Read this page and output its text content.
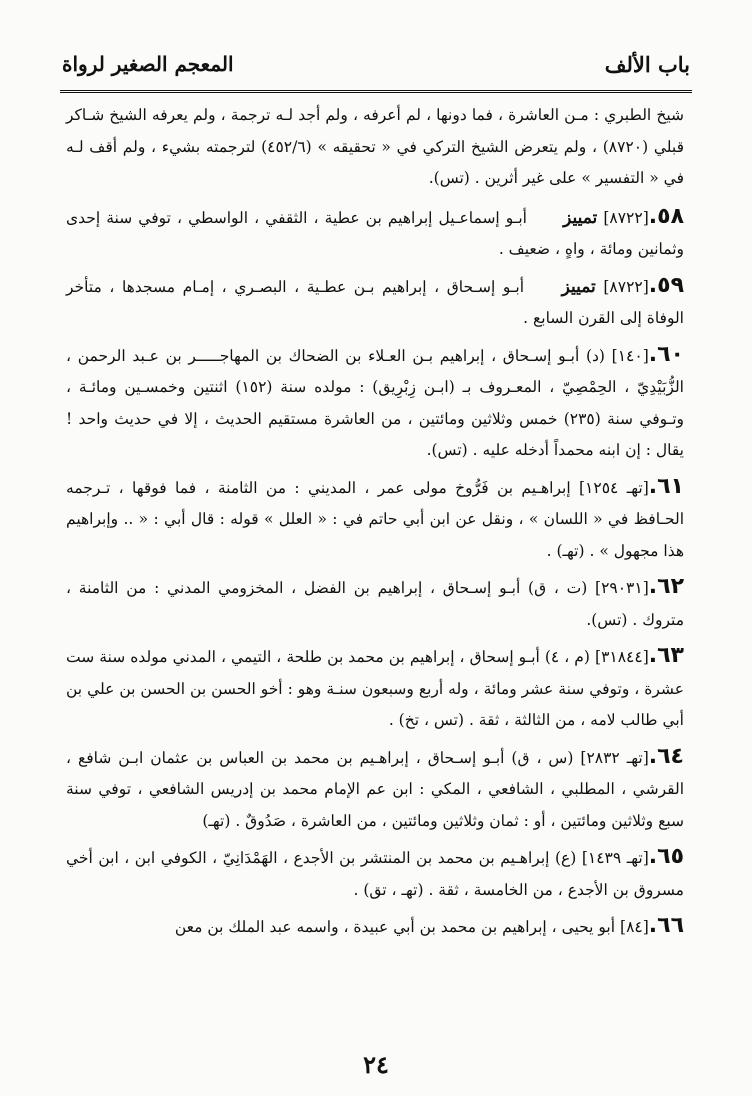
باب الألف
المعجم الصغير لرواة

شيخ الطبري : مـن العاشرة ، فما دونها ، لم أعرفه ، ولم أجد لـه ترجمة ، ولم يعرفه الشيخ شـاكر قبلي (٨٧٢٠) ، ولم يتعرض الشيخ التركي في « تحقيقه » (٤٥٢/٦) لترجمته بشيء ، ولم أقف لـه في « التفسير » على غير أثرين . (تس).

٥٨.[٨٧٢٢] تمييز أبـو إسماعـيل إبراهيم بن عطية ، الثقفي ، الواسطي ، توفي سنة إحدى وثمانين ومائة ، واهٍ ، ضعيف .

٥٩.[٨٧٢٢] تمييز أبـو إسـحاق ، إبراهيم بـن عطـية ، البصـري ، إمـام مسجدها ، متأخر الوفاة إلى القرن السابع .

٦٠.[١٤٠] (د) أبـو إسـحاق ، إبراهيم بـن العـلاء بن الضحاك بن المهاجـــــر بن عـبد الرحمن ، الزُّبَيْدِيّ ، الحِمْصِيّ ، المعـروف بـ (ابـن زِبْرِيق) : مولده سنة (١٥٢) اثنتين وخمسـين ومائـة ، وتـوفي سنة (٢٣٥) خمس وثلاثين ومائتين ، من العاشرة مستقيم الحديث ، إلا في حديث واحد ! يقال : إن ابنه محمداً أدخله عليه . (تس).

٦١.[تهـ ١٢٥٤] إبراهـيم بن فَرُّوخ مولى عمر ، المديني : من الثامنة ، فما فوقها ، تـرجمه الحـافظ في « اللسان » ، ونقل عن ابن أبي حاتم في : « العلل » قوله : قال أبي : « .. وإبراهيم هذا مجهول » . (تهـ) .

٦٢.[٢٩٠٣١] (ت ، ق) أبـو إسـحاق ، إبراهيم بن الفضل ، المخزومي المدني : من الثامنة ، متروك . (تس).

٦٣.[٣١٨٤٤] (م ، ٤) أبـو إسحاق ، إبراهيم بن محمد بن طلحة ، التيمي ، المدني مولده سنة ست عشرة ، وتوفي سنة عشر ومائة ، وله أربع وسبعون سنـة وهو : أخو الحسن بن الحسن بن علي بن أبي طالب لامه ، من الثالثة ، ثقة . (تس ، تخ) .

٦٤.[تهـ ٢٨٣٢] (س ، ق) أبـو إسـحاق ، إبراهـيم بن محمد بن العباس بن عثمان ابـن شافع ، القرشي ، المطلبي ، الشافعي ، المكي : ابن عم الإمام محمد بن إدريس الشافعي ، توفي سنة سبع وثلاثين ومائتين ، أو : ثمان وثلاثين ومائتين ، من العاشرة ، صَدُوقٌ . (تهـ)

٦٥.[تهـ ١٤٣٩] (ع) إبراهـيم بن محمد بن المنتشر بن الأجدع ، الهَمْدَانِيّ ، الكوفي ابن ، ابن أخي مسروق بن الأجدع ، من الخامسة ، ثقة . (تهـ ، تق) .

٦٦.[٨٤] أبو يحيى ، إبراهيم بن محمد بن أبي عبيدة ، واسمه عبد الملك بن معن

٢٤
